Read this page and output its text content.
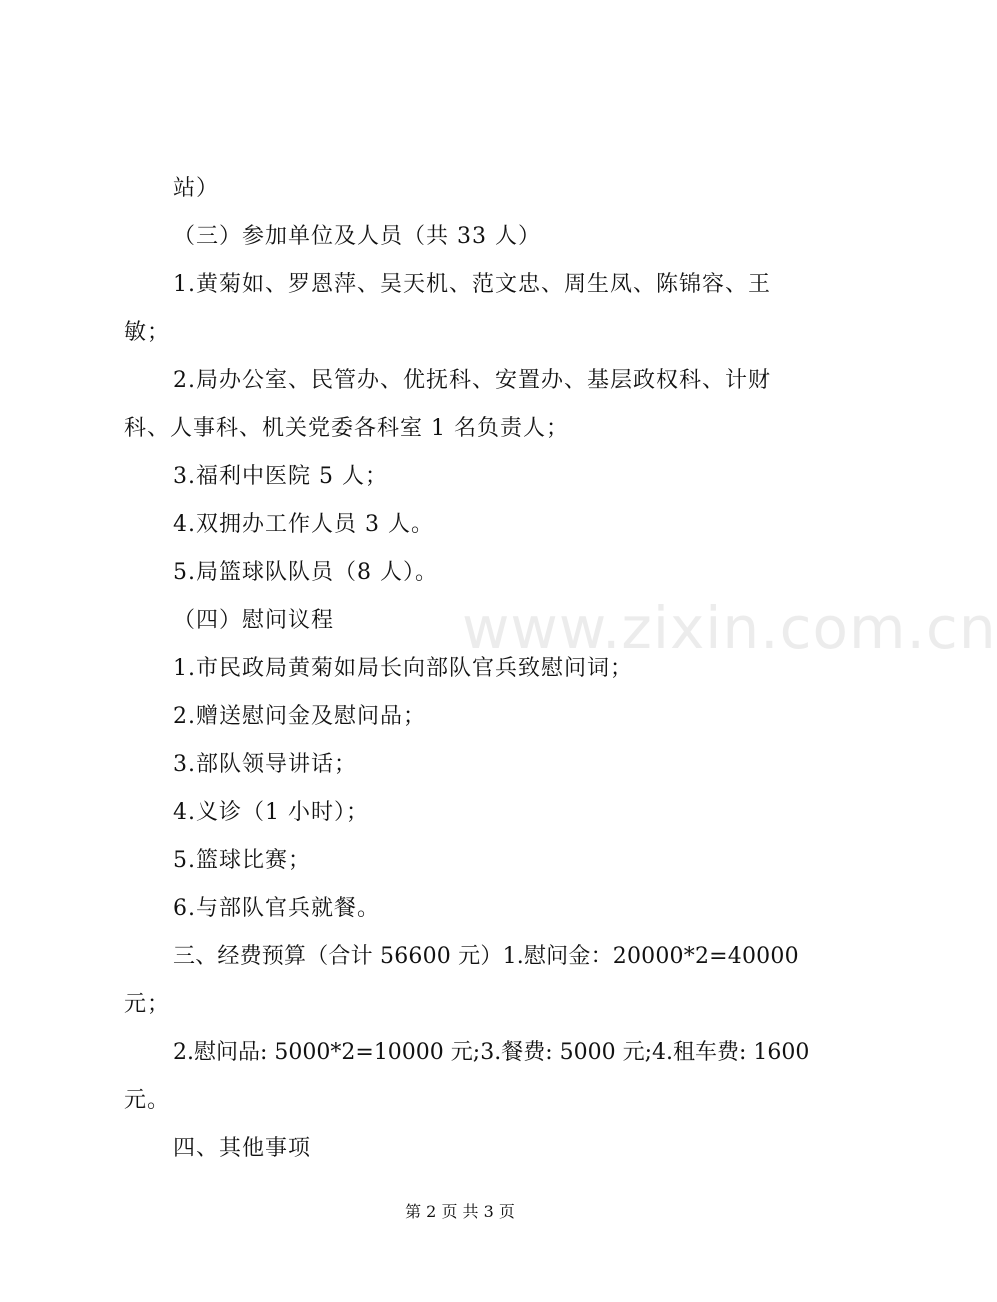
www.zixin.com.cn
站）
（三）参加单位及人员（共 33 人）
1.黄菊如、罗恩萍、吴天机、范文忠、周生凤、陈锦容、王
敏；
2.局办公室、民管办、优抚科、安置办、基层政权科、计财
科、人事科、机关党委各科室 1 名负责人；
3.福利中医院 5 人；
4.双拥办工作人员 3 人。
5.局篮球队队员（8 人）。
（四）慰问议程
1.市民政局黄菊如局长向部队官兵致慰问词；
2.赠送慰问金及慰问品；
3.部队领导讲话；
4.义诊（1 小时）；
5.篮球比赛；
6.与部队官兵就餐。
三、经费预算（合计 56600 元）1.慰问金：20000*2=40000
元；
2.慰问品: 5000*2=10000 元;3.餐费: 5000 元;4.租车费: 1600
元。
四、其他事项
第 2 页 共 3 页
